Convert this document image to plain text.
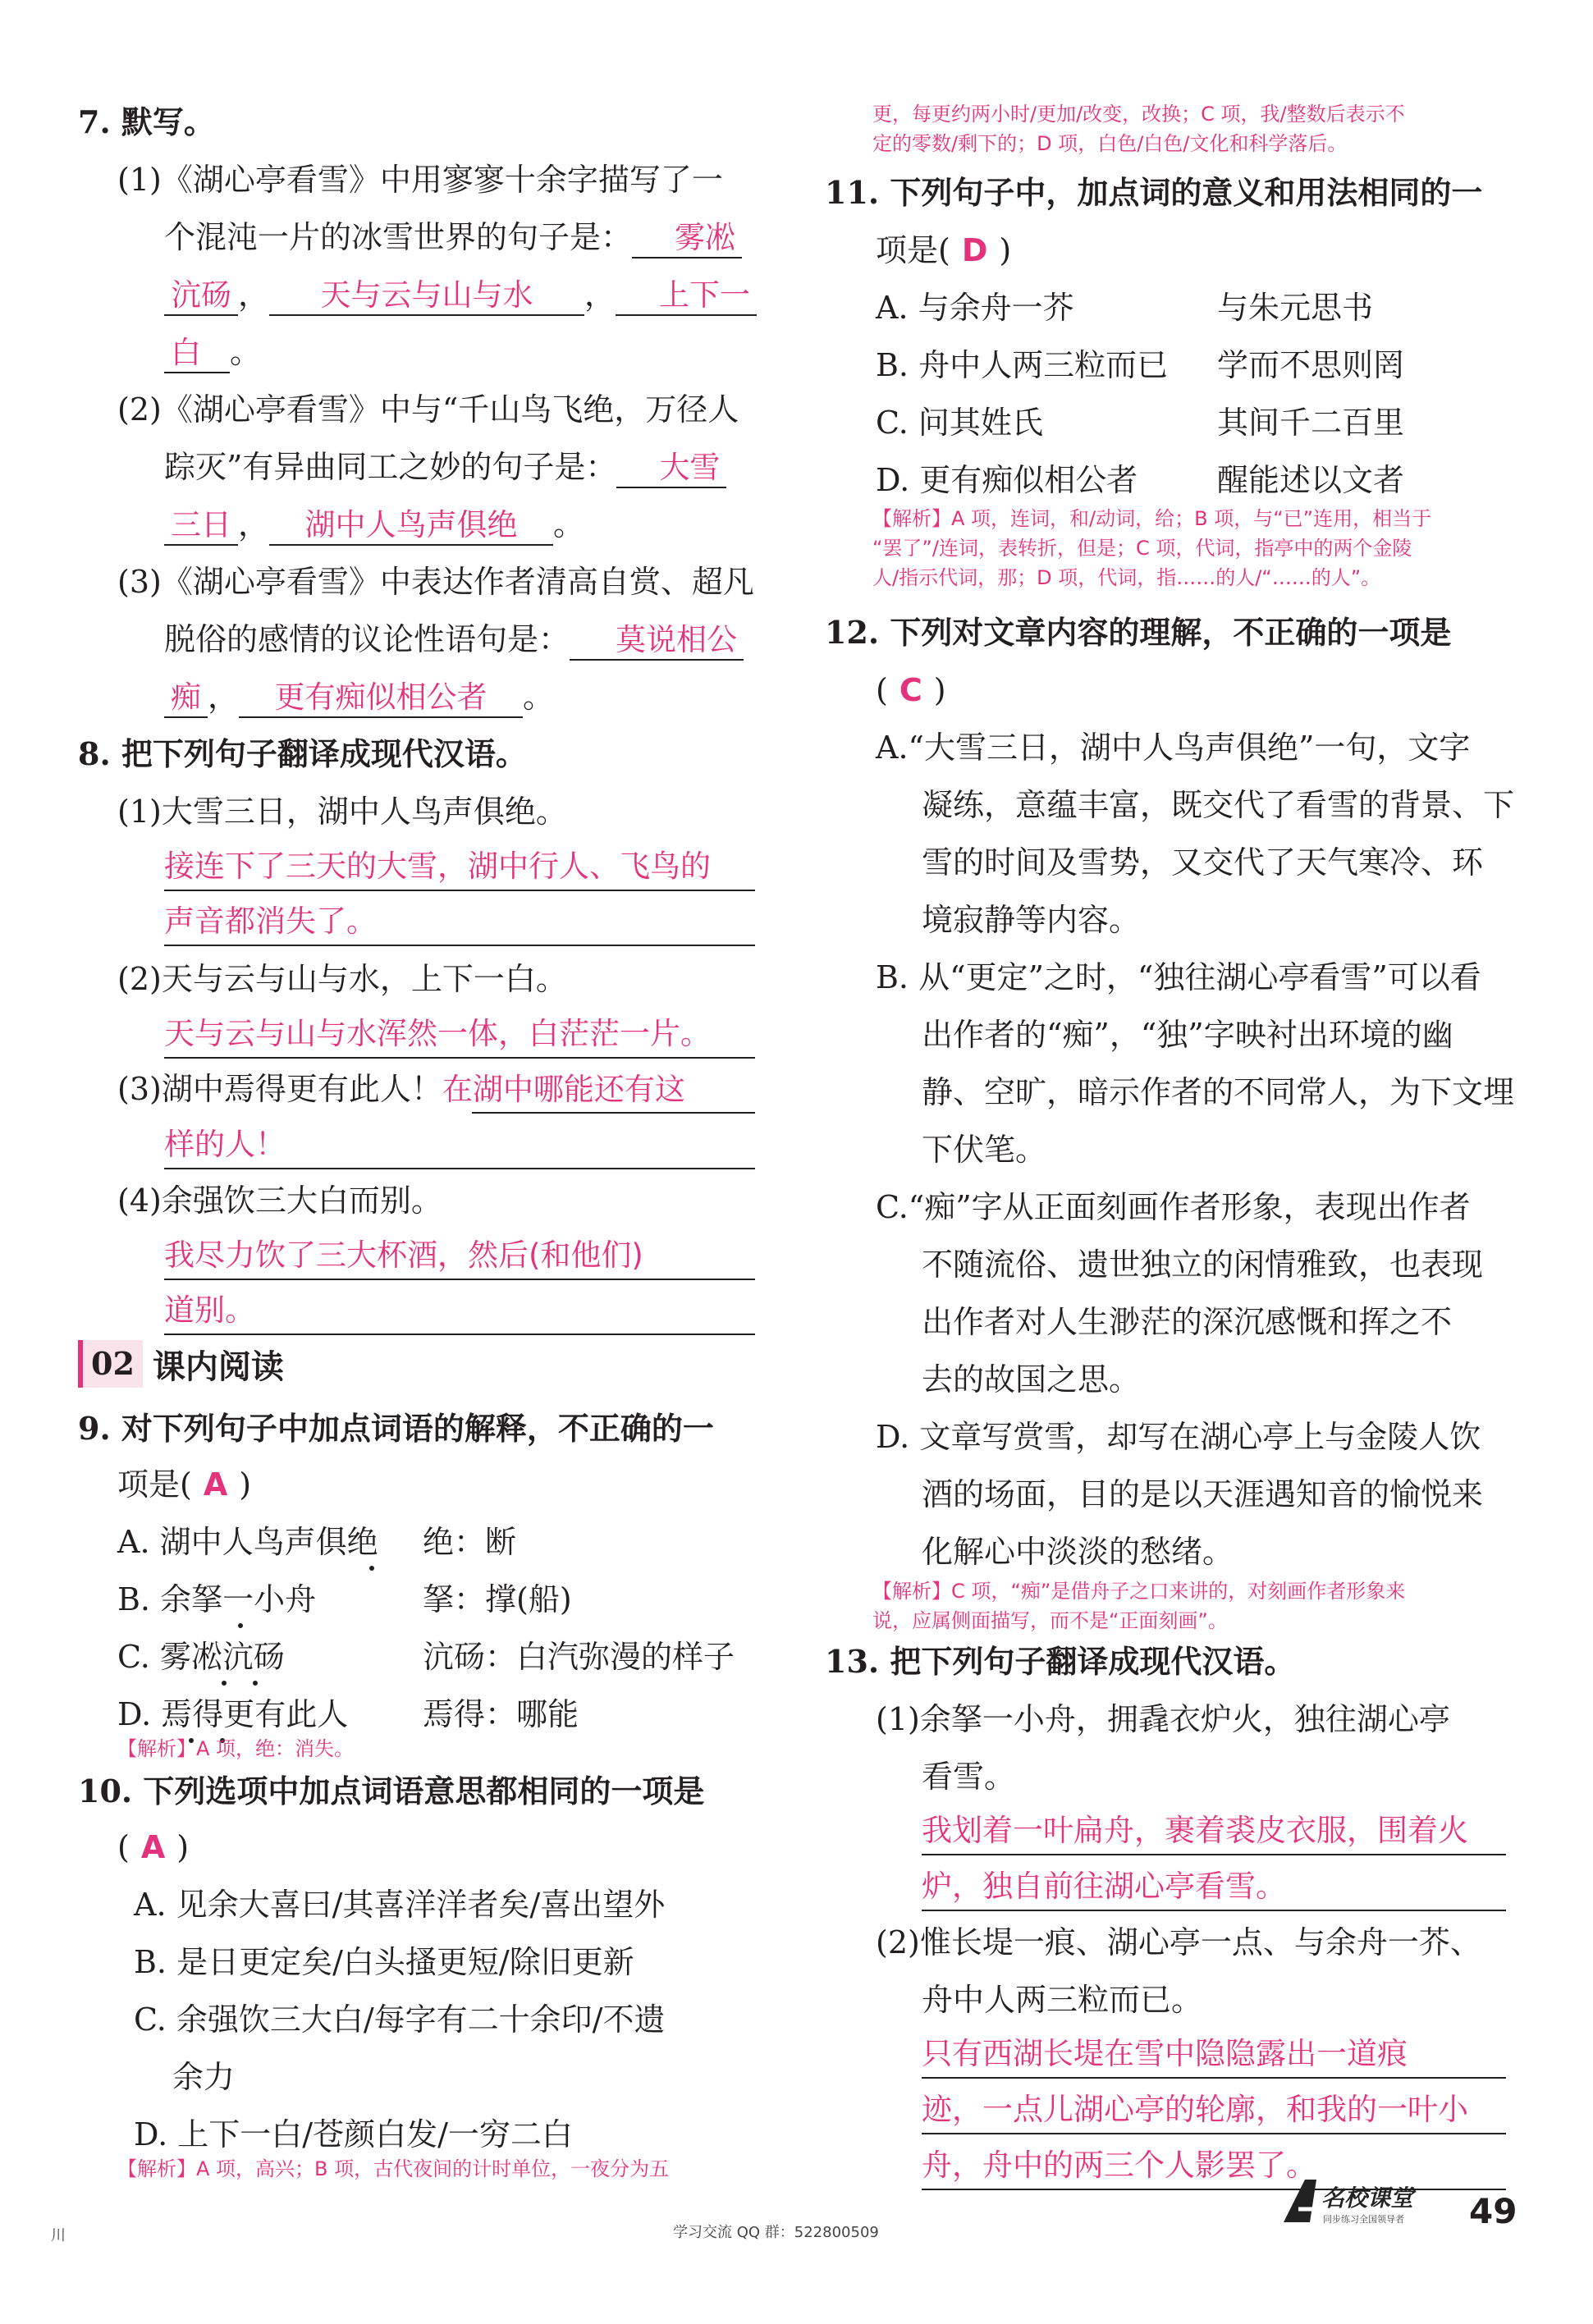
7. 默写。
(1)《湖心亭看雪》中用寥寥十余字描写了一
个混沌一片的冰雪世界的句子是： 雾凇
沆砀 ， 天与云与山与水 ， 上下一
白 。
(2)《湖心亭看雪》中与“千山鸟飞绝，万径人
踪灭”有异曲同工之妙的句子是： 大雪
三日 ， 湖中人鸟声俱绝 。
(3)《湖心亭看雪》中表达作者清高自赏、超凡
脱俗的感情的议论性语句是： 莫说相公
痴 ， 更有痴似相公者 。
8. 把下列句子翻译成现代汉语。
(1)大雪三日，湖中人鸟声俱绝。
接连下了三天的大雪，湖中行人、飞鸟的
声音都消失了。
(2)天与云与山与水，上下一白。
天与云与山与水浑然一体，白茫茫一片。
(3)湖中焉得更有此人！在湖中哪能还有这
样的人！
(4)余强饮三大白而别。
我尽力饮了三大杯酒，然后(和他们)
道别。
02 课内阅读
9. 对下列句子中加点词语的解释，不正确的一
项是( A )
A. 湖中人鸟声俱绝 绝：断
B. 余拏一小舟	拏：撑(船)
C. 雾凇沆砀	沆砀：白汽弥漫的样子
D. 焉得更有此人 焉得：哪能
【解析】A 项，绝：消失。
10. 下列选项中加点词语意思都相同的一项是
( A )
A. 见余大喜曰/其喜洋洋者矣/喜出望外
B. 是日更定矣/白头搔更短/除旧更新
C. 余强饮三大白/每字有二十余印/不遗
余力
D. 上下一白/苍颜白发/一穷二白
【解析】A 项，高兴；B 项，古代夜间的计时单位，一夜分为五
更，每更约两小时/更加/改变，改换；C 项，我/整数后表示不
定的零数/剩下的；D 项，白色/白色/文化和科学落后。
11. 下列句子中，加点词的意义和用法相同的一
项是( D )
A. 与余舟一芥	与朱元思书
B. 舟中人两三粒而已 学而不思则罔
C. 问其姓氏	其间千二百里
D. 更有痴似相公者	醒能述以文者
【解析】A 项，连词，和/动词，给；B 项，与“已”连用，相当于
“罢了”/连词，表转折，但是；C 项，代词，指亭中的两个金陵
人/指示代词，那；D 项，代词，指……的人/“……的人”。
12. 下列对文章内容的理解，不正确的一项是
( C )
A.“大雪三日，湖中人鸟声俱绝”一句，文字
凝练，意蕴丰富，既交代了看雪的背景、下
雪的时间及雪势，又交代了天气寒冷、环
境寂静等内容。
B. 从“更定”之时，“独往湖心亭看雪”可以看
出作者的“痴”，“独”字映衬出环境的幽
静、空旷，暗示作者的不同常人，为下文埋
下伏笔。
C.“痴”字从正面刻画作者形象，表现出作者
不随流俗、遗世独立的闲情雅致，也表现
出作者对人生渺茫的深沉感慨和挥之不
去的故国之思。
D. 文章写赏雪，却写在湖心亭上与金陵人饮
酒的场面，目的是以天涯遇知音的愉悦来
化解心中淡淡的愁绪。
【解析】C 项，“痴”是借舟子之口来讲的，对刻画作者形象来
说，应属侧面描写，而不是“正面刻画”。
13. 把下列句子翻译成现代汉语。
(1)余拏一小舟，拥毳衣炉火，独往湖心亭
看雪。
我划着一叶扁舟，裹着裘皮衣服，围着火
炉，独自前往湖心亭看雪。
(2)惟长堤一痕、湖心亭一点、与余舟一芥、
舟中人两三粒而已。
只有西湖长堤在雪中隐隐露出一道痕
迹，一点儿湖心亭的轮廓，和我的一叶小
舟，舟中的两三个人影罢了。
川	学习交流 QQ 群：522800509
名校课堂
同步练习全国领导者 49
